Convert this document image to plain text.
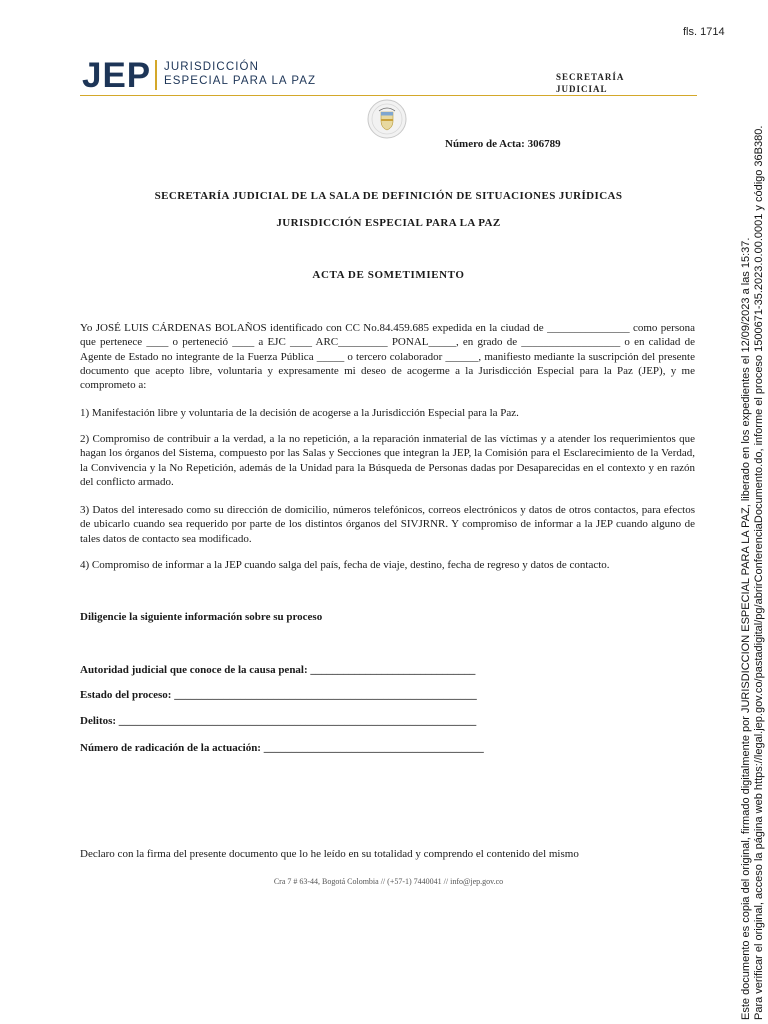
fls. 1714
JEP JURISDICCIÓN
ESPECIAL PARA LA PAZ	SECRETARÍA
JUDICIAL
Número de Acta: 306789
SECRETARÍA JUDICIAL DE LA SALA DE DEFINICIÓN DE SITUACIONES JURÍDICAS
JURISDICCIÓN ESPECIAL PARA LA PAZ
ACTA DE SOMETIMIENTO
Yo JOSÉ LUIS CÁRDENAS BOLAÑOS identificado con CC No.84.459.685 expedida en la ciudad de _______________ como persona que pertenece ____ o perteneció ____ a EJC ____ ARC_________ PONAL_____, en grado de __________________ o en calidad de Agente de Estado no integrante de la Fuerza Pública _____ o tercero colaborador ______, manifiesto mediante la suscripción del presente documento que acepto libre, voluntaria y expresamente mi deseo de acogerme a la Jurisdicción Especial para la Paz (JEP), y me comprometo a:
1) Manifestación libre y voluntaria de la decisión de acogerse a la Jurisdicción Especial para la Paz.
2) Compromiso de contribuir a la verdad, a la no repetición, a la reparación inmaterial de las víctimas y a atender los requerimientos que hagan los órganos del Sistema, compuesto por las Salas y Secciones que integran la JEP, la Comisión para el Esclarecimiento de la Verdad, la Convivencia y la No Repetición, además de la Unidad para la Búsqueda de Personas dadas por Desaparecidas en el contexto y en razón del conflicto armado.
3) Datos del interesado como su dirección de domicilio, números telefónicos, correos electrónicos y datos de otros contactos, para efectos de ubicarlo cuando sea requerido por parte de los distintos órganos del SIVJRNR. Y compromiso de informar a la JEP cuando alguno de tales datos de contacto sea modificado.
4) Compromiso de informar a la JEP cuando salga del país, fecha de viaje, destino, fecha de regreso y datos de contacto.
Diligencie la siguiente información sobre su proceso
Autoridad judicial que conoce de la causa penal: ______________________________
Estado del proceso: _______________________________________________________
Delitos: _________________________________________________________________
Número de radicación de la actuación: ________________________________________
Declaro con la firma del presente documento que lo he leído en su totalidad y comprendo el contenido del mismo
Cra 7 # 63-44, Bogotá Colombia // (+57-1) 7440041 // info@jep.gov.co	Este documento es copia del original, firmado digitalmente por JURISDICCION ESPECIAL PARA LA PAZ, liberado en los expedientes el 12/09/2023 a las 15:37. Para verificar el original, acceso la página web https://legal.jep.gov.co/pastadigital/pg/abrirConferenciaDocumento.do, informe el proceso 1500671-35.2023.0.00.0001 y código 36B380.
